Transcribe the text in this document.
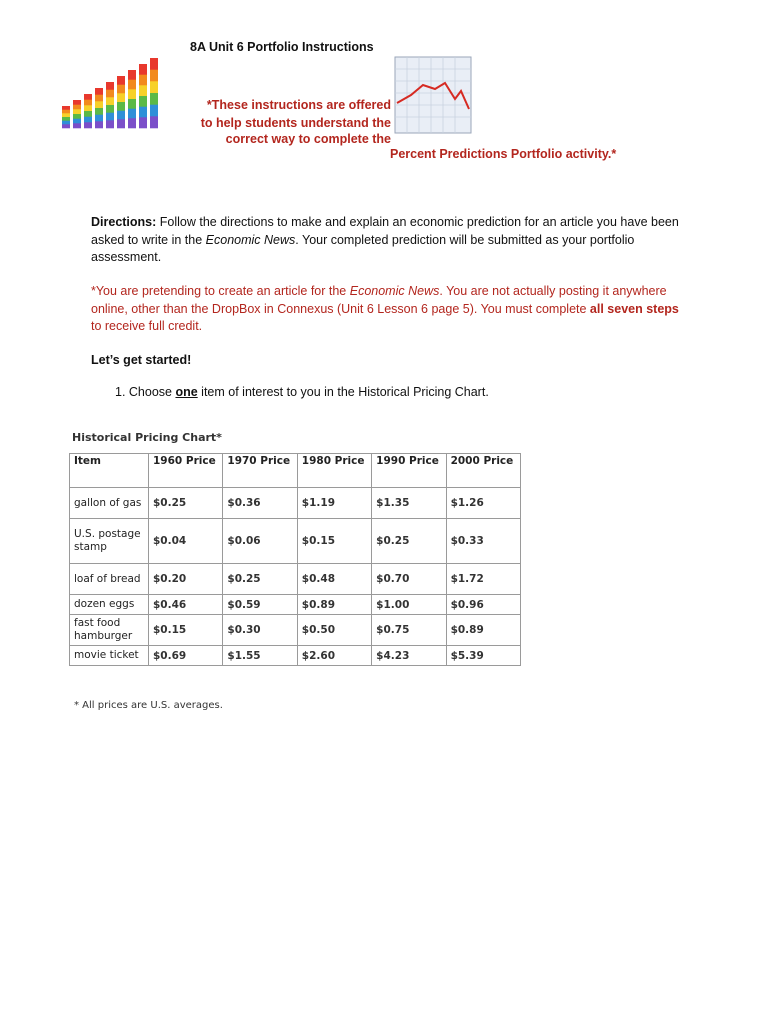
8A Unit 6 Portfolio Instructions
*These instructions are offered
to help students understand the
correct way to complete the
Percent Predictions Portfolio activity.*
Directions: Follow the directions to make and explain an economic prediction for an article you have been asked to write in the Economic News. Your completed prediction will be submitted as your portfolio assessment.
*You are pretending to create an article for the Economic News. You are not actually posting it anywhere online, other than the DropBox in Connexus (Unit 6 Lesson 6 page 5). You must complete all seven steps to receive full credit.
Let’s get started!
1. Choose one item of interest to you in the Historical Pricing Chart.
Historical Pricing Chart*
Item	1960 Price	1970 Price	1980 Price	1990 Price	2000 Price
gallon of gas	$0.25	$0.36	$1.19	$1.35	$1.26
U.S. postage stamp	$0.04	$0.06	$0.15	$0.25	$0.33
loaf of bread	$0.20	$0.25	$0.48	$0.70	$1.72
dozen eggs	$0.46	$0.59	$0.89	$1.00	$0.96
fast food hamburger	$0.15	$0.30	$0.50	$0.75	$0.89
movie ticket	$0.69	$1.55	$2.60	$4.23	$5.39
* All prices are U.S. averages.
